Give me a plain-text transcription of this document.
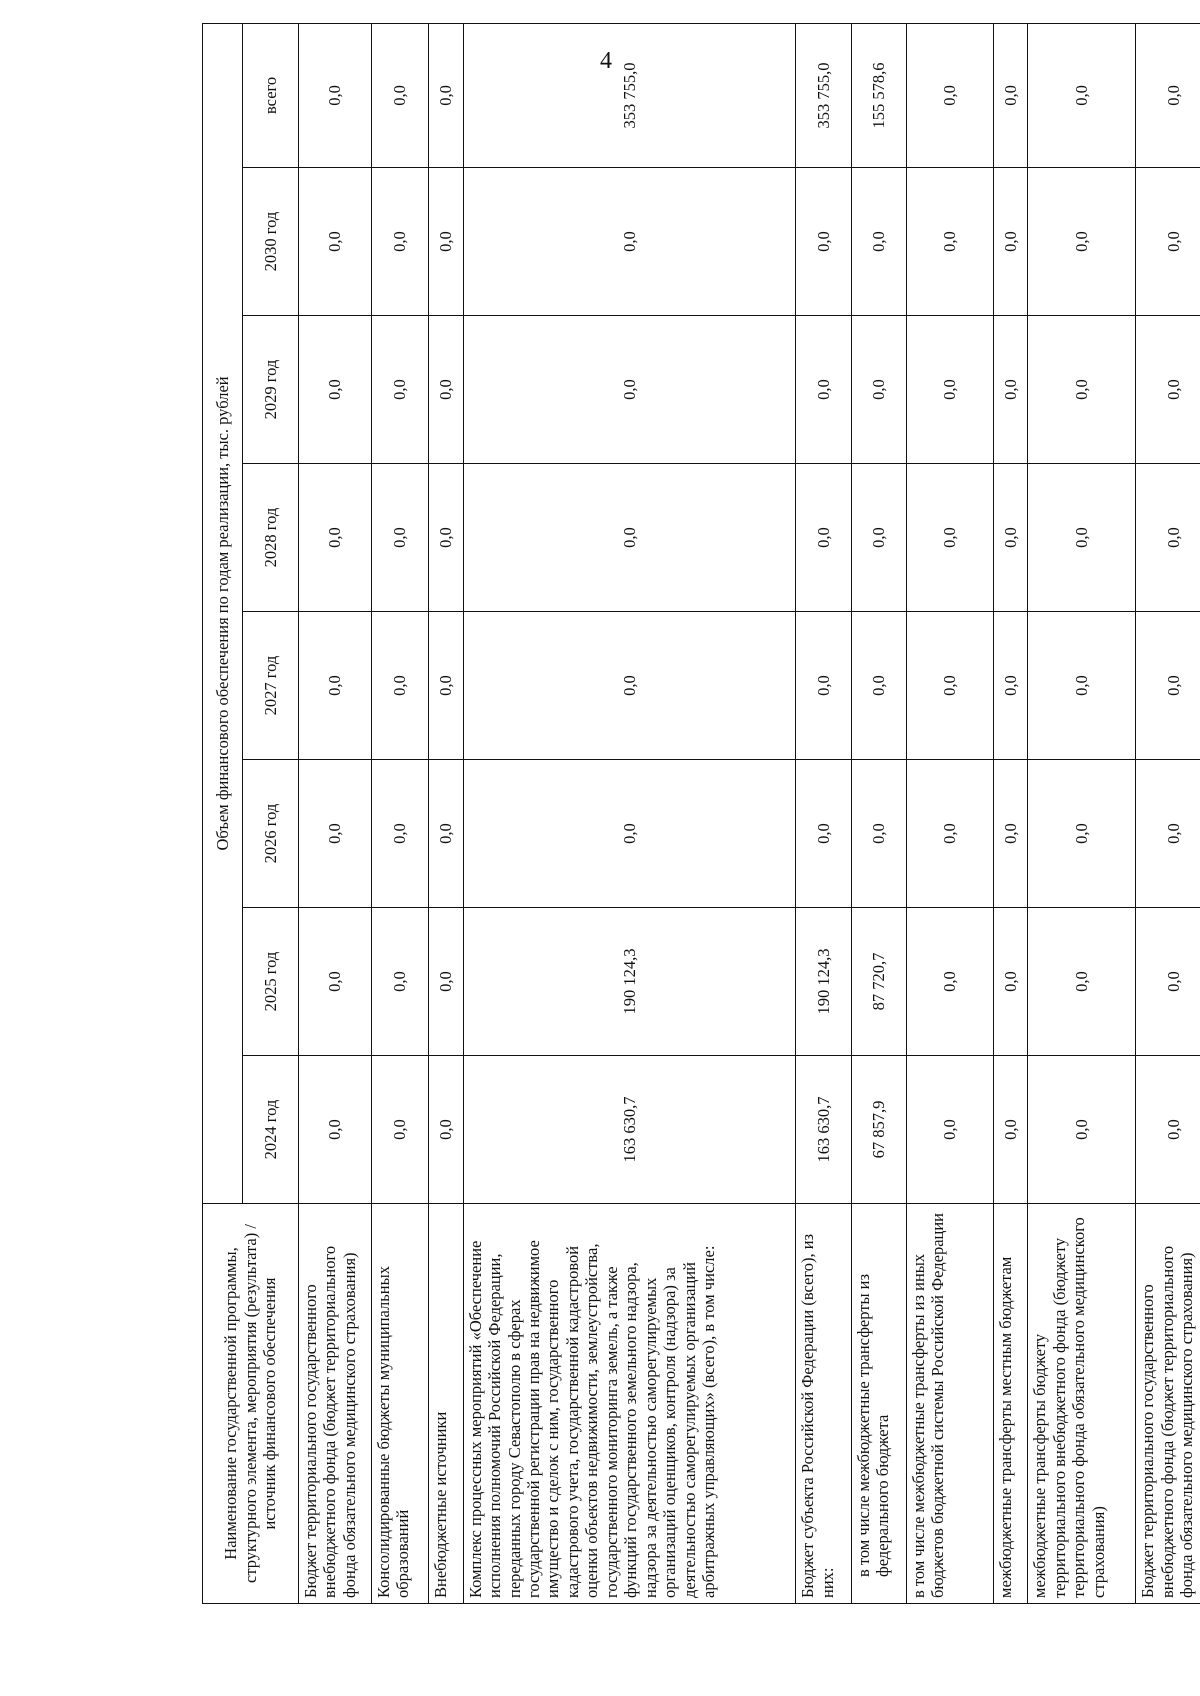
4
Наименование государственной программы, структурного элемента, мероприятия (результата) / источник финансового обеспечения	Объем финансового обеспечения по годам реализации, тыс. рублей							
	2024 год	2025 год	2026 год	2027 год	2028 год	2029 год	2030 год	всего
Бюджет территориального государственного внебюджетного фонда (бюджет территориального фонда обязательного медицинского страхования)	0,0	0,0	0,0	0,0	0,0	0,0	0,0	0,0
Консолидированные бюджеты муниципальных образований	0,0	0,0	0,0	0,0	0,0	0,0	0,0	0,0
Внебюджетные источники	0,0	0,0	0,0	0,0	0,0	0,0	0,0	0,0
Комплекс процессных мероприятий «Обеспечение исполнения полномочий Российской Федерации, переданных городу Севастополю в сферах государственной регистрации прав на недвижимое имущество и сделок с ним, государственного кадастрового учета, государственной кадастровой оценки объектов недвижимости, землеустройства, государственного мониторинга земель, а также функций государственного земельного надзора, надзора за деятельностью саморегулируемых организаций оценщиков, контроля (надзора) за деятельностью саморегулируемых организаций арбитражных управляющих» (всего), в том числе:	163 630,7	190 124,3	0,0	0,0	0,0	0,0	0,0	353 755,0
Бюджет субъекта Российской Федерации (всего), из них:	163 630,7	190 124,3	0,0	0,0	0,0	0,0	0,0	353 755,0
в том числе межбюджетные трансферты из федерального бюджета	67 857,9	87 720,7	0,0	0,0	0,0	0,0	0,0	155 578,6
в том числе межбюджетные трансферты из иных бюджетов бюджетной системы Российской Федерации	0,0	0,0	0,0	0,0	0,0	0,0	0,0	0,0
межбюджетные трансферты местным бюджетам	0,0	0,0	0,0	0,0	0,0	0,0	0,0	0,0
межбюджетные трансферты бюджету территориального внебюджетного фонда (бюджету территориального фонда обязательного медицинского страхования)	0,0	0,0	0,0	0,0	0,0	0,0	0,0	0,0
Бюджет территориального государственного внебюджетного фонда (бюджет территориального фонда обязательного медицинского страхования)	0,0	0,0	0,0	0,0	0,0	0,0	0,0	0,0
